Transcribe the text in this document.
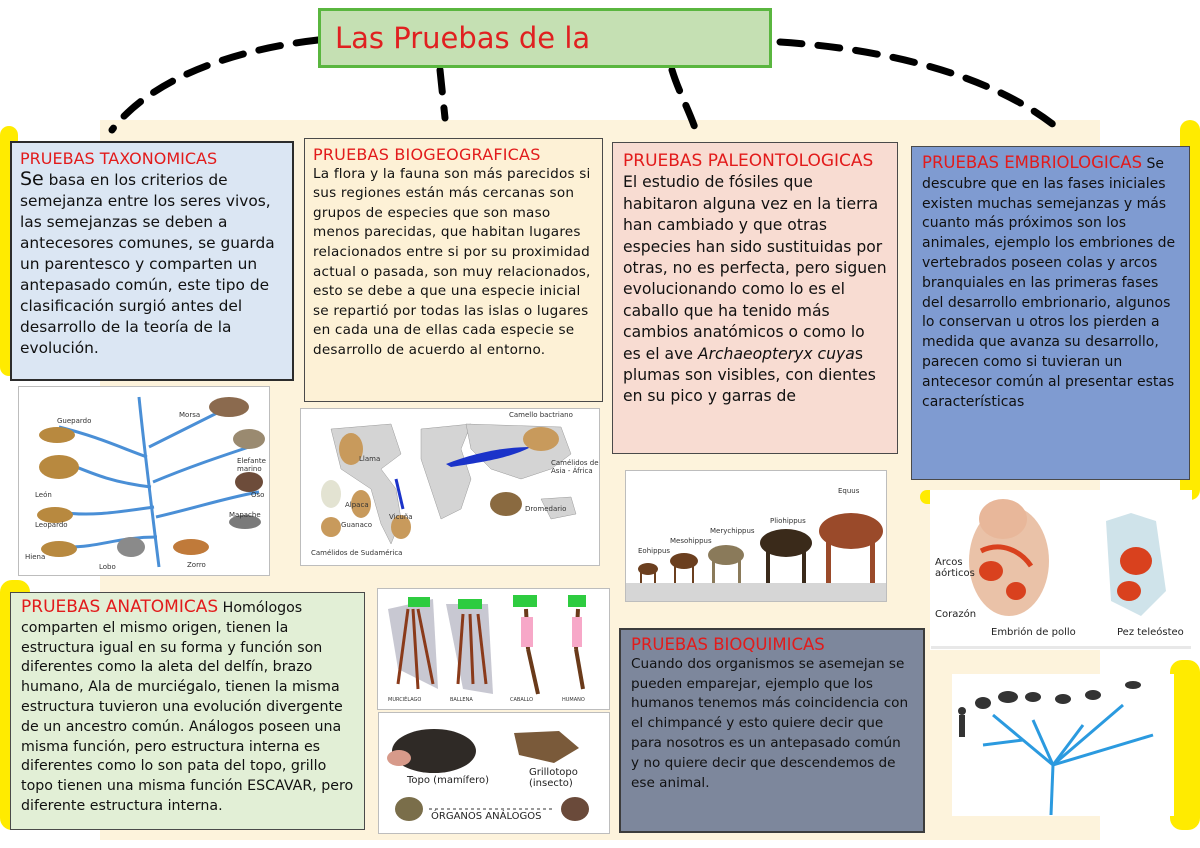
Las Pruebas de la
PRUEBAS TAXONOMICAS
Se basa en los criterios de semejanza entre los seres vivos, las semejanzas se deben a antecesores comunes, se guarda un parentesco y comparten un antepasado común, este tipo de clasificación surgió antes del desarrollo de la teoría de la evolución.
PRUEBAS BIOGEOGRAFICAS
La flora y la fauna son más parecidos si sus regiones están más cercanas son grupos de especies que son maso menos parecidas, que habitan lugares relacionados entre si por su proximidad actual o pasada, son muy relacionados, esto se debe a que una especie inicial se repartió por todas las islas o lugares en cada una de ellas cada especie se desarrollo de acuerdo al entorno.
PRUEBAS PALEONTOLOGICAS El estudio de fósiles que habitaron alguna vez en la tierra han cambiado y que otras especies han sido sustituidas por otras, no es perfecta, pero siguen evolucionando como lo es el caballo que ha tenido más cambios anatómicos o como lo es el ave Archaeopteryx cuyas plumas son visibles, con dientes en su pico y garras de
PRUEBAS EMBRIOLOGICAS Se descubre que en las fases iniciales existen muchas semejanzas y más cuanto más próximos son los animales, ejemplo los embriones de vertebrados poseen colas y arcos branquiales en las primeras fases del desarrollo embrionario, algunos lo conservan u otros los pierden a medida que avanza su desarrollo, parecen como si tuvieran un antecesor común al presentar estas características
PRUEBAS ANATOMICAS Homólogos comparten el mismo origen, tienen la estructura igual en su forma y función son diferentes como la aleta del delfín, brazo humano, Ala de murciégalo, tienen la misma estructura tuvieron una evolución divergente de un ancestro común. Análogos poseen una misma función, pero estructura interna es diferentes como lo son pata del topo, grillo topo tienen una misma función ESCAVAR, pero diferente estructura interna.
PRUEBAS BIOQUIMICAS
Cuando dos organismos se asemejan se pueden emparejar, ejemplo que los humanos tenemos más coincidencia con el chimpancé y esto quiere decir que para nosotros es un antepasado común y no quiere decir que descendemos de ese animal.
Guepardo
Morsa
Elefante marino
León	Oso
Leopardo
Mapache
Hiena
Lobo	Zorro
Camello bactriano
Llama	Camélidos de Asia - África
Alpaca	Dromedario
Guanaco
Vicuña
Camélidos de Sudamérica	Eohippus
Mesohippus
Merychippus
Pliohippus
Equus
Arcos aórticos
Corazón
Embrión de pollo	Pez teleósteo
MURCIÉLAGO	BALLENA	CABALLO	HUMANO
Topo (mamífero)
Grillotopo (insecto)
ÓRGANOS ANÁLOGOS
